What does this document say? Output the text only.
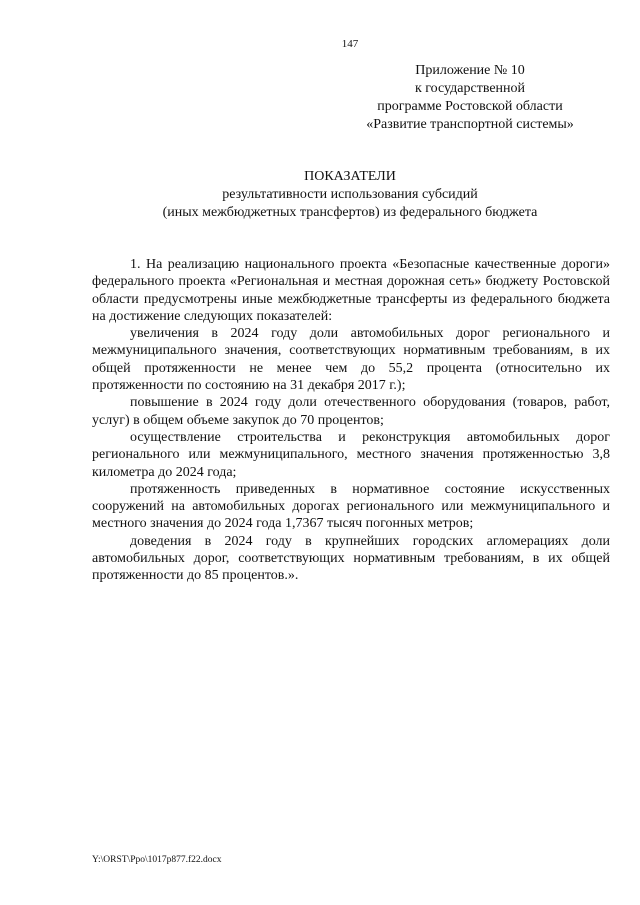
147
Приложение № 10
к государственной
программе Ростовской области
«Развитие транспортной системы»
ПОКАЗАТЕЛИ
результативности использования субсидий
(иных межбюджетных трансфертов) из федерального бюджета

1. На реализацию национального проекта «Безопасные качественные дороги» федерального проекта «Региональная и местная дорожная сеть» бюджету Ростовской области предусмотрены иные межбюджетные трансферты из федерального бюджета на достижение следующих показателей:

увеличения в 2024 году доли автомобильных дорог регионального и межмуниципального значения, соответствующих нормативным требованиям, в их общей протяженности не менее чем до 55,2 процента (относительно их протяженности по состоянию на 31 декабря 2017 г.);

повышение в 2024 году доли отечественного оборудования (товаров, работ, услуг) в общем объеме закупок до 70 процентов;

осуществление строительства и реконструкция автомобильных дорог регионального или межмуниципального, местного значения протяженностью 3,8 километра до 2024 года;

протяженность приведенных в нормативное состояние искусственных сооружений на автомобильных дорогах регионального или межмуниципального и местного значения до 2024 года 1,7367 тысяч погонных метров;

доведения в 2024 году в крупнейших городских агломерациях доли автомобильных дорог, соответствующих нормативным требованиям, в их общей протяженности до 85 процентов.».

Y:\ORST\Ppo\1017p877.f22.docx
